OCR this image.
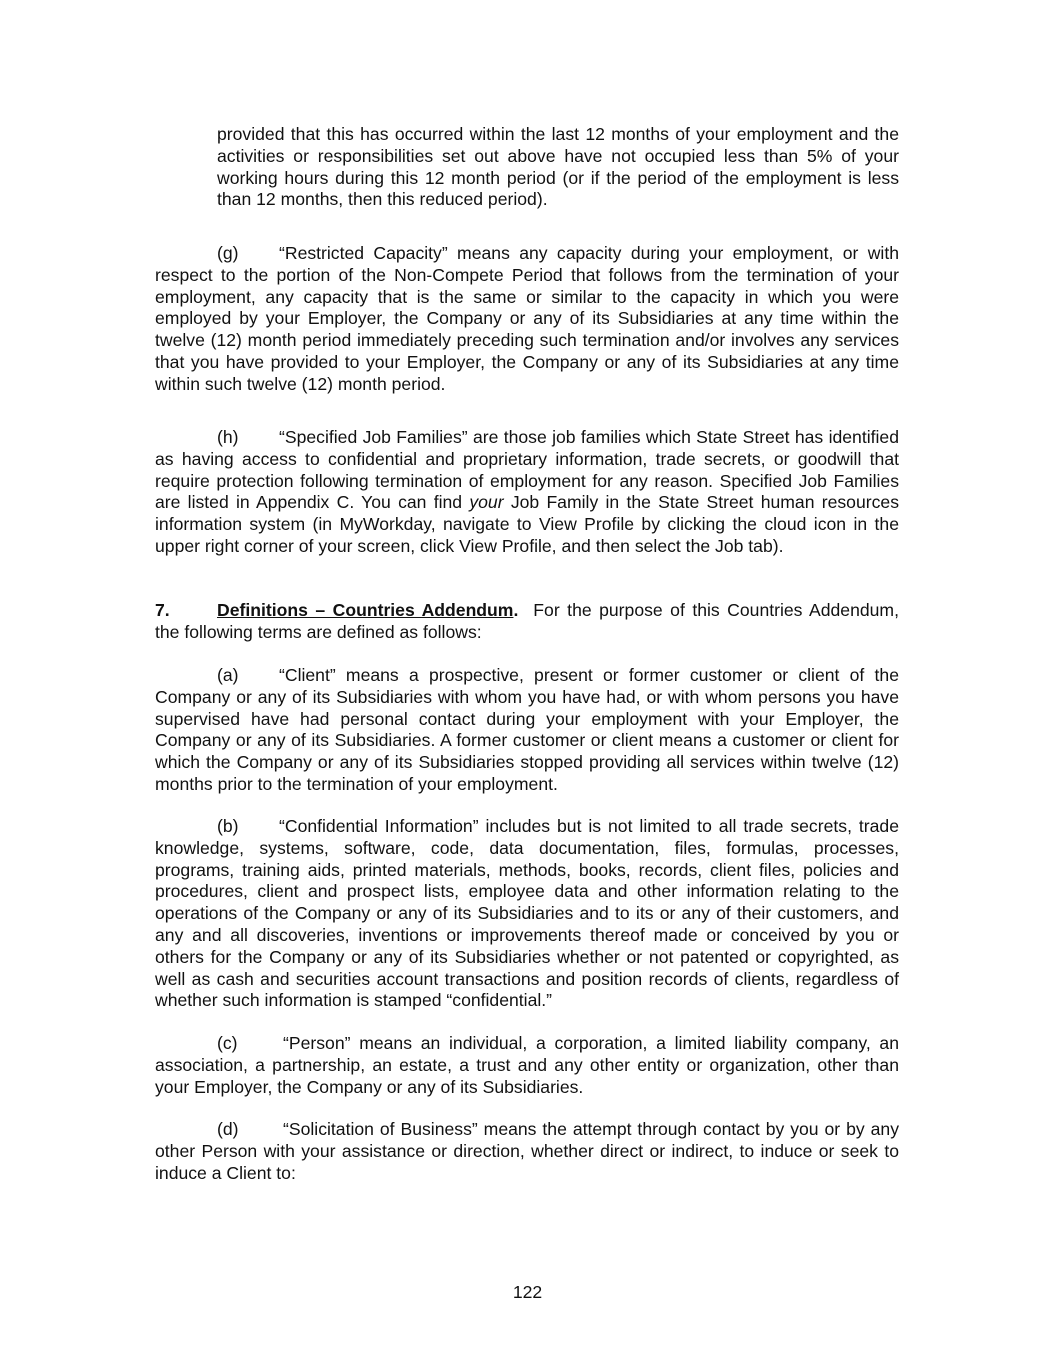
provided that this has occurred within the last 12 months of your employment and the activities or responsibilities set out above have not occupied less than 5% of your working hours during this 12 month period (or if the period of the employment is less than 12 months, then this reduced period).

(g) “Restricted Capacity” means any capacity during your employment, or with respect to the portion of the Non-Compete Period that follows from the termination of your employment, any capacity that is the same or similar to the capacity in which you were employed by your Employer, the Company or any of its Subsidiaries at any time within the twelve (12) month period immediately preceding such termination and/or involves any services that you have provided to your Employer, the Company or any of its Subsidiaries at any time within such twelve (12) month period.

(h) “Specified Job Families” are those job families which State Street has identified as having access to confidential and proprietary information, trade secrets, or goodwill that require protection following termination of employment for any reason. Specified Job Families are listed in Appendix C. You can find your Job Family in the State Street human resources information system (in MyWorkday, navigate to View Profile by clicking the cloud icon in the upper right corner of your screen, click View Profile, and then select the Job tab).

7.	Definitions – Countries Addendum.  For the purpose of this Countries Addendum, the following terms are defined as follows:

(a) “Client” means a prospective, present or former customer or client of the Company or any of its Subsidiaries with whom you have had, or with whom persons you have supervised have had personal contact during your employment with your Employer, the Company or any of its Subsidiaries. A former customer or client means a customer or client for which the Company or any of its Subsidiaries stopped providing all services within twelve (12) months prior to the termination of your employment.

(b) “Confidential Information” includes but is not limited to all trade secrets, trade knowledge, systems, software, code, data documentation, files, formulas, processes, programs, training aids, printed materials, methods, books, records, client files, policies and procedures, client and prospect lists, employee data and other information relating to the operations of the Company or any of its Subsidiaries and to its or any of their customers, and any and all discoveries, inventions or improvements thereof made or conceived by you or others for the Company or any of its Subsidiaries whether or not patented or copyrighted, as well as cash and securities account transactions and position records of clients, regardless of whether such information is stamped “confidential.”

(c)	“Person” means an individual, a corporation, a limited liability company, an association, a partnership, an estate, a trust and any other entity or organization, other than your Employer, the Company or any of its Subsidiaries.

(d)	“Solicitation of Business” means the attempt through contact by you or by any other Person with your assistance or direction, whether direct or indirect, to induce or seek to induce a Client to:

122
